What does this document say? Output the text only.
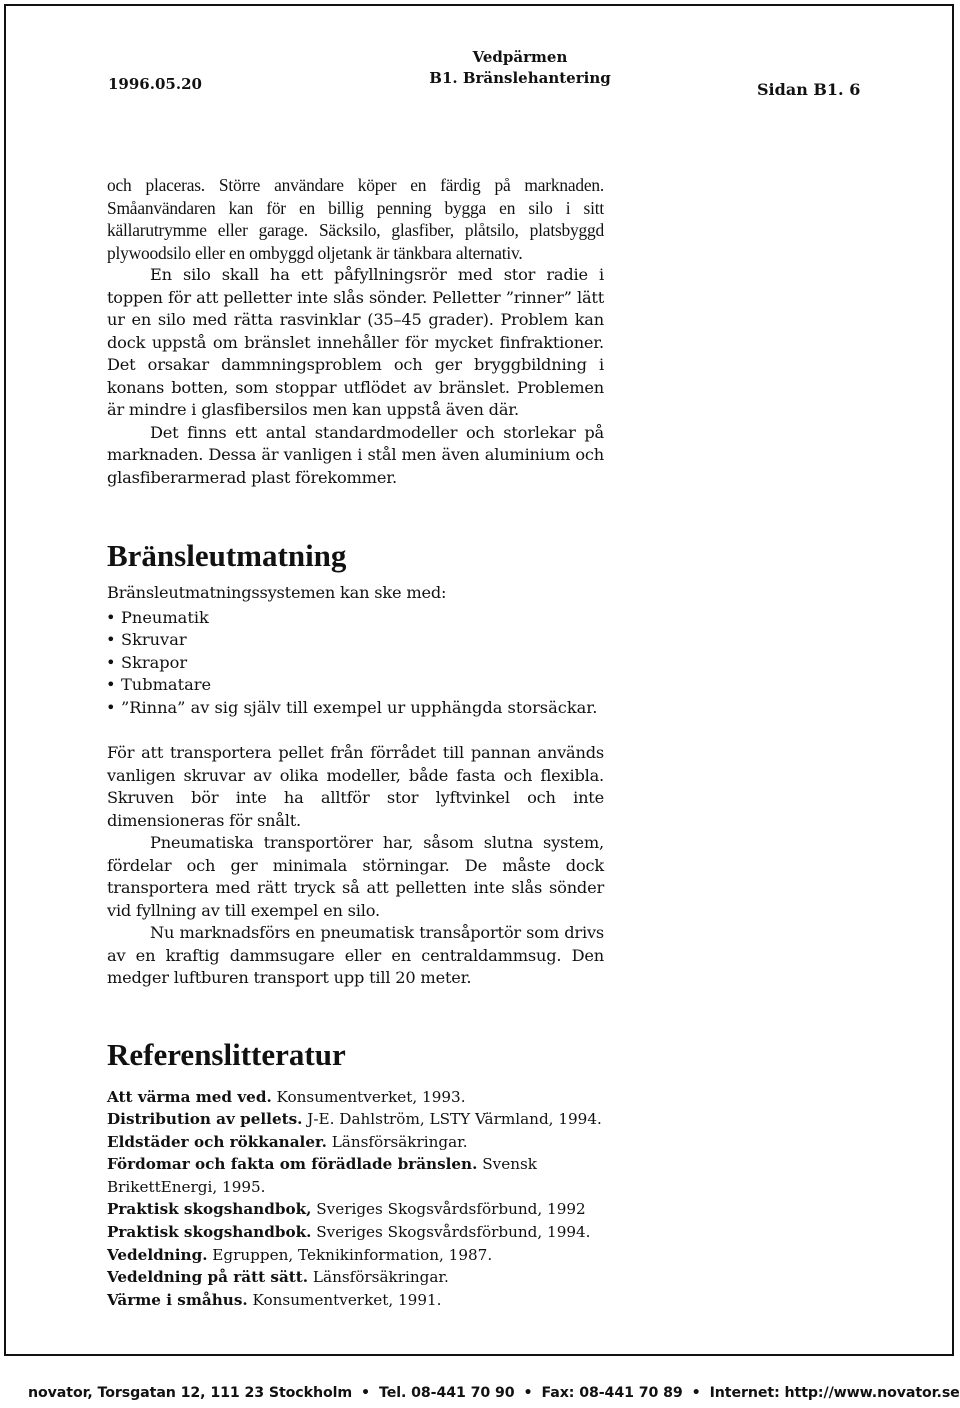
1996.05.20
Vedpärmen
B1. Bränslehantering
Sidan B1. 6

och placeras. Större användare köper en färdig på marknaden. Småanvändaren kan för en billig penning bygga en silo i sitt källarutrymme eller garage. Säcksilo, glasfiber, plåtsilo, platsbyggd plywoodsilo eller en ombyggd oljetank är tänkbara alternativ.

En silo skall ha ett påfyllningsrör med stor radie i toppen för att pelletter inte slås sönder. Pelletter ”rinner” lätt ur en silo med rätta rasvinklar (35–45 grader). Problem kan dock uppstå om bränslet innehåller för mycket finfraktioner. Det orsakar dammningsproblem och ger bryggbildning i konans botten, som stoppar utflödet av bränslet. Problemen är mindre i glasfibersilos men kan uppstå även där.

Det finns ett antal standardmodeller och storlekar på marknaden. Dessa är vanligen i stål men även aluminium och glasfiberarmerad plast förekommer.

Bränsleutmatning

Bränsleutmatningssystemen kan ske med:

• Pneumatik
• Skruvar
• Skrapor
• Tubmatare
• ”Rinna” av sig själv till exempel ur upphängda storsäckar.

För att transportera pellet från förrådet till pannan används vanligen skruvar av olika modeller, både fasta och flexibla. Skruven bör inte ha alltför stor lyftvinkel och inte dimensioneras för snålt.

Pneumatiska transportörer har, såsom slutna system, fördelar och ger minimala störningar. De måste dock transportera med rätt tryck så att pelletten inte slås sönder vid fyllning av till exempel en silo.

Nu marknadsförs en pneumatisk transåportör som drivs av en kraftig dammsugare eller en centraldammsug. Den medger luftburen transport upp till 20 meter.

Referenslitteratur
Att värma med ved. Konsumentverket, 1993.
Distribution av pellets. J-E. Dahlström, LSTY Värmland, 1994.
Eldstäder och rökkanaler. Länsförsäkringar.
Fördomar och fakta om förädlade bränslen. Svensk BrikettEnergi, 1995.
Praktisk skogshandbok, Sveriges Skogsvårdsförbund, 1992
Praktisk skogshandbok. Sveriges Skogsvårdsförbund, 1994.
Vedeldning. Egruppen, Teknikinformation, 1987.
Vedeldning på rätt sätt. Länsförsäkringar.
Värme i småhus. Konsumentverket, 1991.
novator, Torsgatan 12, 111 23 Stockholm • Tel. 08-441 70 90 • Fax: 08-441 70 89 • Internet: http://www.novator.se
